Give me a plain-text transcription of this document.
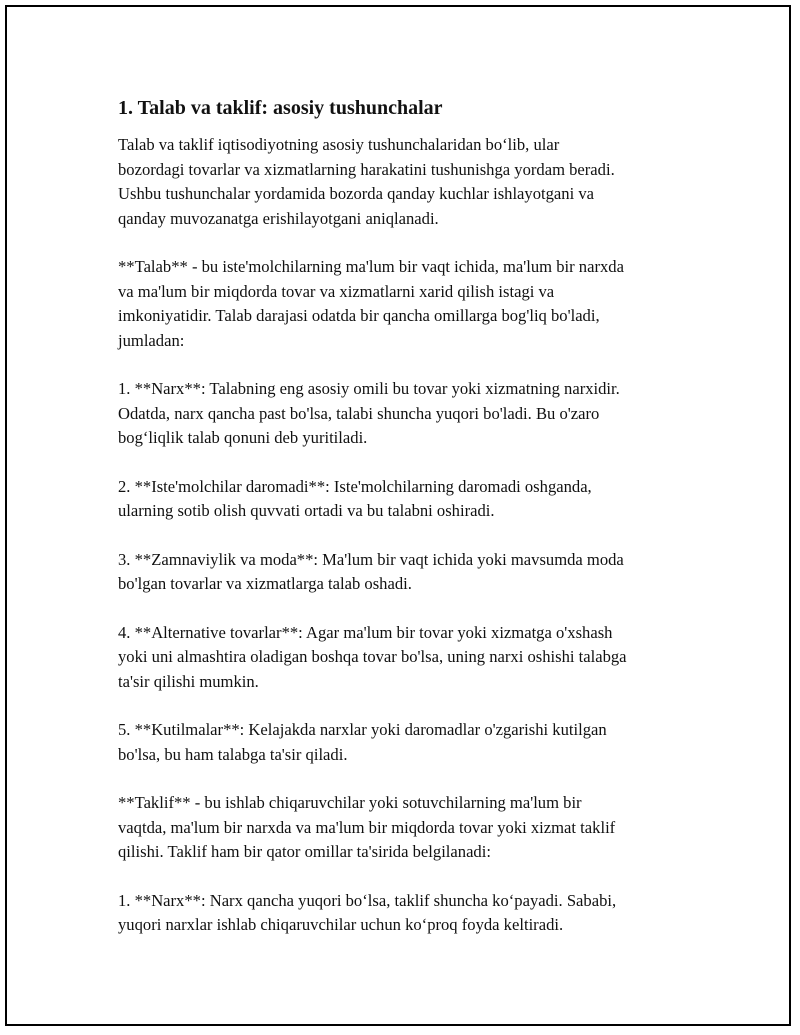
1. Talab va taklif: asosiy tushunchalar

Talab va taklif iqtisodiyotning asosiy tushunchalaridan bo‘lib, ular
bozordagi tovarlar va xizmatlarning harakatini tushunishga yordam beradi.
Ushbu tushunchalar yordamida bozorda qanday kuchlar ishlayotgani va
qanday muvozanatga erishilayotgani aniqlanadi.

**Talab** - bu iste'molchilarning ma'lum bir vaqt ichida, ma'lum bir narxda
va ma'lum bir miqdorda tovar va xizmatlarni xarid qilish istagi va
imkoniyatidir. Talab darajasi odatda bir qancha omillarga bog'liq bo'ladi,
jumladan:

1. **Narx**: Talabning eng asosiy omili bu tovar yoki xizmatning narxidir.
Odatda, narx qancha past bo'lsa, talabi shuncha yuqori bo'ladi. Bu o'zaro
bog‘liqlik talab qonuni deb yuritiladi.

2. **Iste'molchilar daromadi**: Iste'molchilarning daromadi oshganda,
ularning sotib olish quvvati ortadi va bu talabni oshiradi.

3. **Zamnaviylik va moda**: Ma'lum bir vaqt ichida yoki mavsumda moda
bo'lgan tovarlar va xizmatlarga talab oshadi.

4. **Alternative tovarlar**: Agar ma'lum bir tovar yoki xizmatga o'xshash
yoki uni almashtira oladigan boshqa tovar bo'lsa, uning narxi oshishi talabga
ta'sir qilishi mumkin.

5. **Kutilmalar**: Kelajakda narxlar yoki daromadlar o'zgarishi kutilgan
bo'lsa, bu ham talabga ta'sir qiladi.

**Taklif** - bu ishlab chiqaruvchilar yoki sotuvchilarning ma'lum bir
vaqtda, ma'lum bir narxda va ma'lum bir miqdorda tovar yoki xizmat taklif
qilishi. Taklif ham bir qator omillar ta'sirida belgilanadi:

1. **Narx**: Narx qancha yuqori bo‘lsa, taklif shuncha ko‘payadi. Sababi,
yuqori narxlar ishlab chiqaruvchilar uchun ko‘proq foyda keltiradi.
